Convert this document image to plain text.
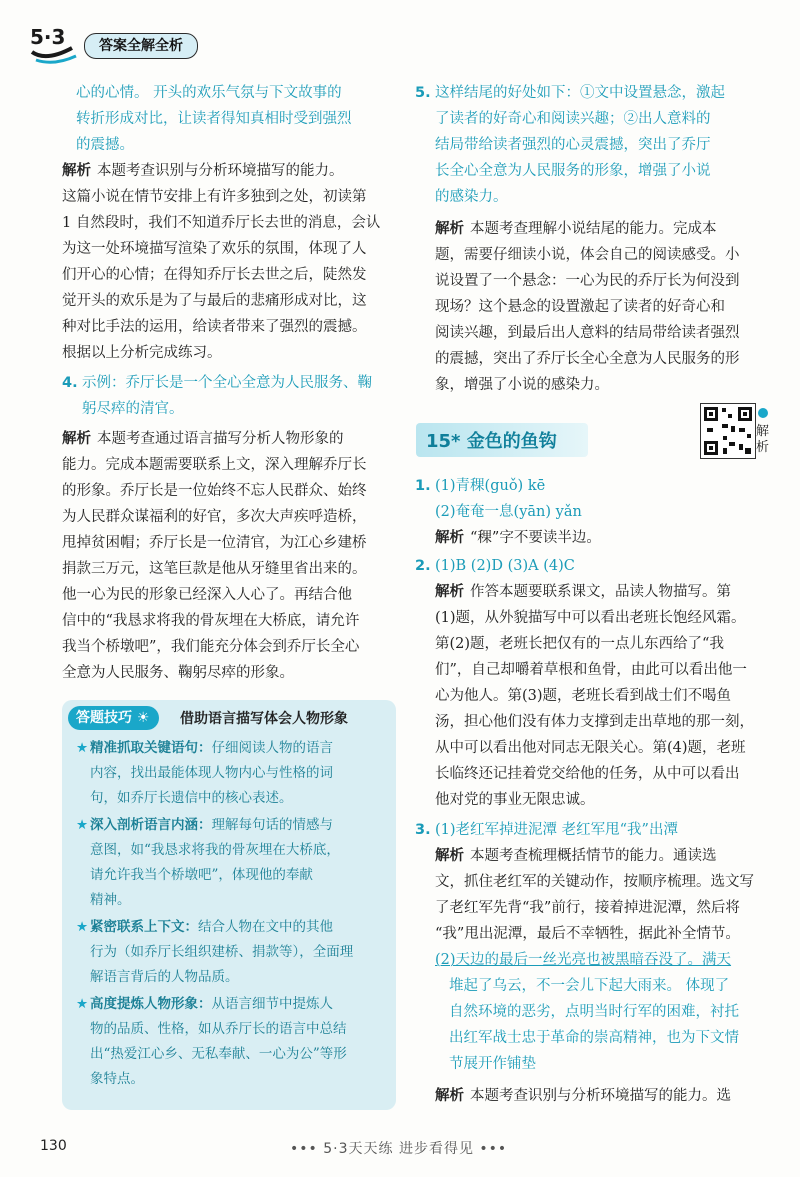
5·3	答案全解全析
心的心情。 开头的欢乐气氛与下文故事的
转折形成对比，让读者得知真相时受到强烈
的震撼。

解析 本题考查识别与分析环境描写的能力。
这篇小说在情节安排上有许多独到之处，初读第
1 自然段时，我们不知道乔厅长去世的消息，会认
为这一处环境描写渲染了欢乐的氛围，体现了人
们开心的心情；在得知乔厅长去世之后，陡然发
觉开头的欢乐是为了与最后的悲痛形成对比，这
种对比手法的运用，给读者带来了强烈的震撼。
根据以上分析完成练习。

4. 示例：乔厅长是一个全心全意为人民服务、鞠
躬尽瘁的清官。

解析 本题考查通过语言描写分析人物形象的
能力。完成本题需要联系上文，深入理解乔厅长
的形象。乔厅长是一位始终不忘人民群众、始终
为人民群众谋福利的好官，多次大声疾呼造桥，
甩掉贫困帽；乔厅长是一位清官，为江心乡建桥
捐款三万元，这笔巨款是他从牙缝里省出来的。
他一心为民的形象已经深入人心了。再结合他
信中的“我恳求将我的骨灰埋在大桥底，请允许
我当个桥墩吧”，我们能充分体会到乔厅长全心
全意为人民服务、鞠躬尽瘁的形象。

答题技巧 ☀	借助语言描写体会人物形象
★ 精准抓取关键语句：仔细阅读人物的语言
内容，找出最能体现人物内心与性格的词
句，如乔厅长遗信中的核心表述。
★ 深入剖析语言内涵：理解每句话的情感与
意图，如“我恳求将我的骨灰埋在大桥底，
请允许我当个桥墩吧”，体现他的奉献
精神。
★ 紧密联系上下文：结合人物在文中的其他
行为（如乔厅长组织建桥、捐款等），全面理
解语言背后的人物品质。
★ 高度提炼人物形象：从语言细节中提炼人
物的品质、性格，如从乔厅长的语言中总结
出“热爱江心乡、无私奉献、一心为公”等形
象特点。
5. 这样结尾的好处如下：①文中设置悬念，激起
了读者的好奇心和阅读兴趣；②出人意料的
结局带给读者强烈的心灵震撼，突出了乔厅
长全心全意为人民服务的形象，增强了小说
的感染力。

解析 本题考查理解小说结尾的能力。完成本
题，需要仔细读小说，体会自己的阅读感受。小
说设置了一个悬念：一心为民的乔厅长为何没到
现场？这个悬念的设置激起了读者的好奇心和
阅读兴趣，到最后出人意料的结局带给读者强烈
的震撼，突出了乔厅长全心全意为人民服务的形
象，增强了小说的感染力。

15* 金色的鱼钩	解析
1. (1)青稞(guǒ) kē
(2)奄奄一息(yān) yǎn

解析 “稞”字不要读半边。

2. (1)B (2)D (3)A (4)C

解析 作答本题要联系课文，品读人物描写。第
(1)题，从外貌描写中可以看出老班长饱经风霜。
第(2)题，老班长把仅有的一点儿东西给了“我
们”，自己却嚼着草根和鱼骨，由此可以看出他一
心为他人。第(3)题，老班长看到战士们不喝鱼
汤，担心他们没有体力支撑到走出草地的那一刻，
从中可以看出他对同志无限关心。第(4)题，老班
长临终还记挂着党交给他的任务，从中可以看出
他对党的事业无限忠诚。

3. (1)老红军掉进泥潭 老红军甩“我”出潭

解析 本题考查梳理概括情节的能力。通读选
文，抓住老红军的关键动作，按顺序梳理。选文写
了老红军先背“我”前行，接着掉进泥潭，然后将
“我”甩出泥潭，最后不幸牺牲，据此补全情节。

(2)天边的最后一丝光亮也被黑暗吞没了。满天
堆起了乌云，不一会儿下起大雨来。 体现了
自然环境的恶劣，点明当时行军的困难，衬托
出红军战士忠于革命的崇高精神，也为下文情
节展开作铺垫

解析 本题考查识别与分析环境描写的能力。选

130	••• 5·3天天练 进步看得见 •••
